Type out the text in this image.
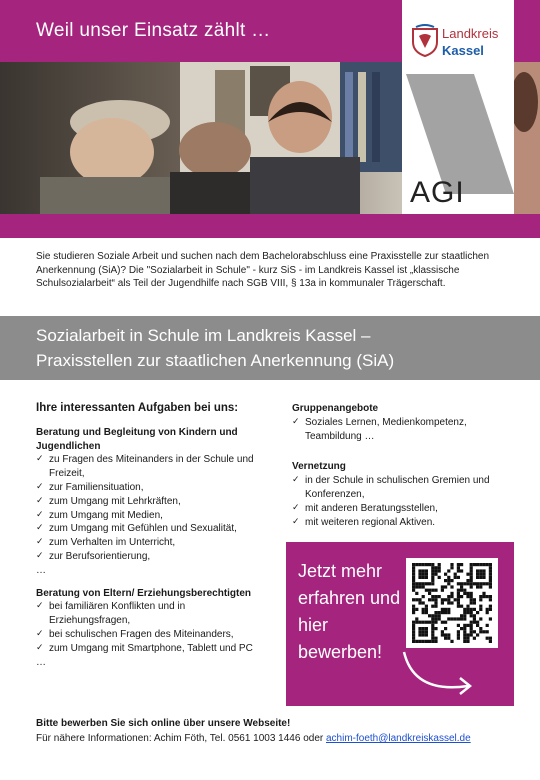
Weil unser Einsatz zählt …	Landkreis
Kassel
AGI
Sie studieren Soziale Arbeit und suchen nach dem Bachelorabschluss eine Praxisstelle zur staatlichen Anerkennung (SiA)? Die "Sozialarbeit in Schule" - kurz SiS - im Landkreis Kassel ist „klassische Schulsozialarbeit“ als Teil der Jugendhilfe nach SGB VIII, § 13a in kommunaler Trägerschaft.
Sozialarbeit in Schule im Landkreis Kassel –
Praxisstellen zur staatlichen Anerkennung (SiA)
Ihre interessanten Aufgaben bei uns:
Beratung und Begleitung von Kindern und Jugendlichen
✓ zu Fragen des Miteinanders in der Schule und Freizeit,
✓ zur Familiensituation,
✓ zum Umgang mit Lehrkräften,
✓ zum Umgang mit Medien,
✓ zum Umgang mit Gefühlen und Sexualität,
✓ zum Verhalten im Unterricht,
✓ zur Berufsorientierung,
…
Beratung von Eltern/ Erziehungsberechtigten
✓ bei familiären Konflikten und in Erziehungsfragen,
✓ bei schulischen Fragen des Miteinanders,
✓ zum Umgang mit Smartphone, Tablett und PC
…
Gruppenangebote
✓ Soziales Lernen, Medienkompetenz, Teambildung …
Vernetzung
✓ in der Schule in schulischen Gremien und Konferenzen,
✓ mit anderen Beratungsstellen,
✓ mit weiteren regional Aktiven.
Jetzt mehr erfahren und hier bewerben!
Bitte bewerben Sie sich online über unsere Webseite!
Für nähere Informationen: Achim Föth, Tel. 0561 1003 1446 oder achim-foeth@landkreiskassel.de
